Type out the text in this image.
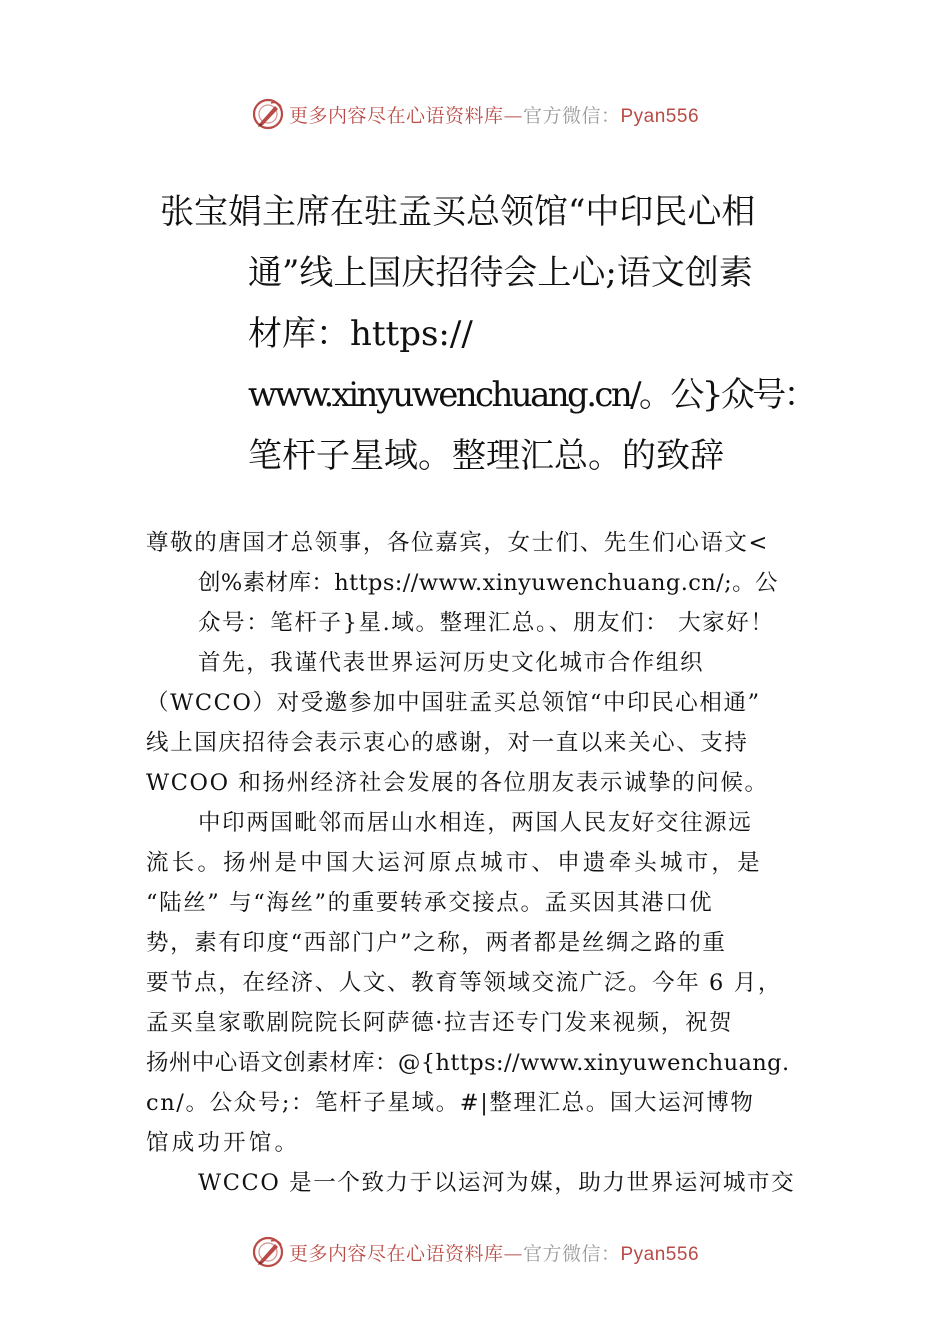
更多内容尽在心语资料库—官方微信：Pyan556
张宝娟主席在驻孟买总领馆“中印民心相
通”线上国庆招待会上心;语文创素
材库：https://
www.xinyuwenchuang.cn/。公}众号：
笔杆子星域。整理汇总。的致辞
尊敬的唐国才总领事，各位嘉宾，女士们、先生们心语文<
创%素材库：https://www.xinyuwenchuang.cn/;。公
众号：笔杆子}星.域。整理汇总。、朋友们： 大家好！
首先，我谨代表世界运河历史文化城市合作组织
（WCCO）对受邀参加中国驻孟买总领馆“中印民心相通”
线上国庆招待会表示衷心的感谢，对一直以来关心、支持
WCOO 和扬州经济社会发展的各位朋友表示诚挚的问候。
中印两国毗邻而居山水相连，两国人民友好交往源远
流长。扬州是中国大运河原点城市、申遗牵头城市，是
“陆丝” 与“海丝”的重要转承交接点。孟买因其港口优
势，素有印度“西部门户”之称，两者都是丝绸之路的重
要节点，在经济、人文、教育等领域交流广泛。今年 6 月，
孟买皇家歌剧院院长阿萨德·拉吉还专门发来视频，祝贺
扬州中心语文创素材库：@{https://www.xinyuwenchuang.
cn/。公众号;：笔杆子星域。#|整理汇总。国大运河博物
馆成功开馆。
WCCO 是一个致力于以运河为媒，助力世界运河城市交
更多内容尽在心语资料库—官方微信：Pyan556
